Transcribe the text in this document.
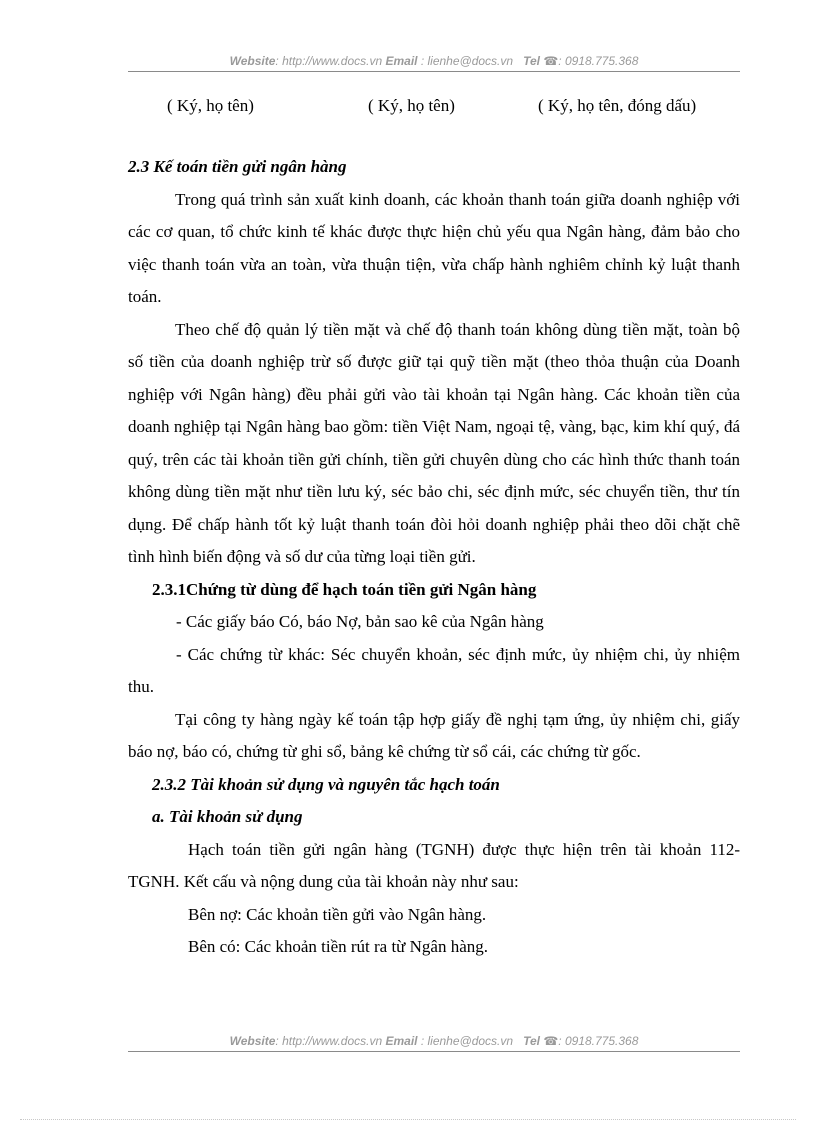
Website: http://www.docs.vn Email : lienhe@docs.vn Tel ☎: 0918.775.368
( Ký, họ tên)	( Ký, họ tên)	( Ký, họ tên, đóng dấu)

2.3 Kế toán tiền gửi ngân hàng

Trong quá trình sản xuất kinh doanh, các khoản thanh toán giữa doanh nghiệp với các cơ quan, tổ chức kinh tế khác được thực hiện chủ yếu qua Ngân hàng, đảm bảo cho việc thanh toán vừa an toàn, vừa thuận tiện, vừa chấp hành nghiêm chỉnh kỷ luật thanh toán.

Theo chế độ quản lý tiền mặt và chế độ thanh toán không dùng tiền mặt, toàn bộ số tiền của doanh nghiệp trừ số được giữ tại quỹ tiền mặt (theo thỏa thuận của Doanh nghiệp với Ngân hàng) đều phải gửi vào tài khoản tại Ngân hàng. Các khoản tiền của doanh nghiệp tại Ngân hàng bao gồm: tiền Việt Nam, ngoại tệ, vàng, bạc, kim khí quý, đá quý, trên các tài khoản tiền gửi chính, tiền gửi chuyên dùng cho các hình thức thanh toán không dùng tiền mặt như tiền lưu ký, séc bảo chi, séc định mức, séc chuyển tiền, thư tín dụng. Để chấp hành tốt kỷ luật thanh toán đòi hỏi doanh nghiệp phải theo dõi chặt chẽ tình hình biến động và số dư của từng loại tiền gửi.

2.3.1Chứng từ dùng để hạch toán tiền gửi Ngân hàng

- Các giấy báo Có, báo Nợ, bản sao kê của Ngân hàng

- Các chứng từ khác: Séc chuyển khoản, séc định mức, ủy nhiệm chi, ủy nhiệm thu.

Tại công ty hàng ngày kế toán tập hợp giấy đề nghị tạm ứng, ủy nhiệm chi, giấy báo nợ, báo có, chứng từ ghi sổ, bảng kê chứng từ sổ cái, các chứng từ gốc.

2.3.2 Tài khoản sử dụng và nguyên tắc hạch toán

a. Tài khoản sử dụng

Hạch toán tiền gửi ngân hàng (TGNH) được thực hiện trên tài khoản 112-TGNH. Kết cấu và nộng dung của tài khoản này như sau:

Bên nợ: Các khoản tiền gửi vào Ngân hàng.

Bên có: Các khoản tiền rút ra từ Ngân hàng.

Website: http://www.docs.vn Email : lienhe@docs.vn Tel ☎: 0918.775.368
